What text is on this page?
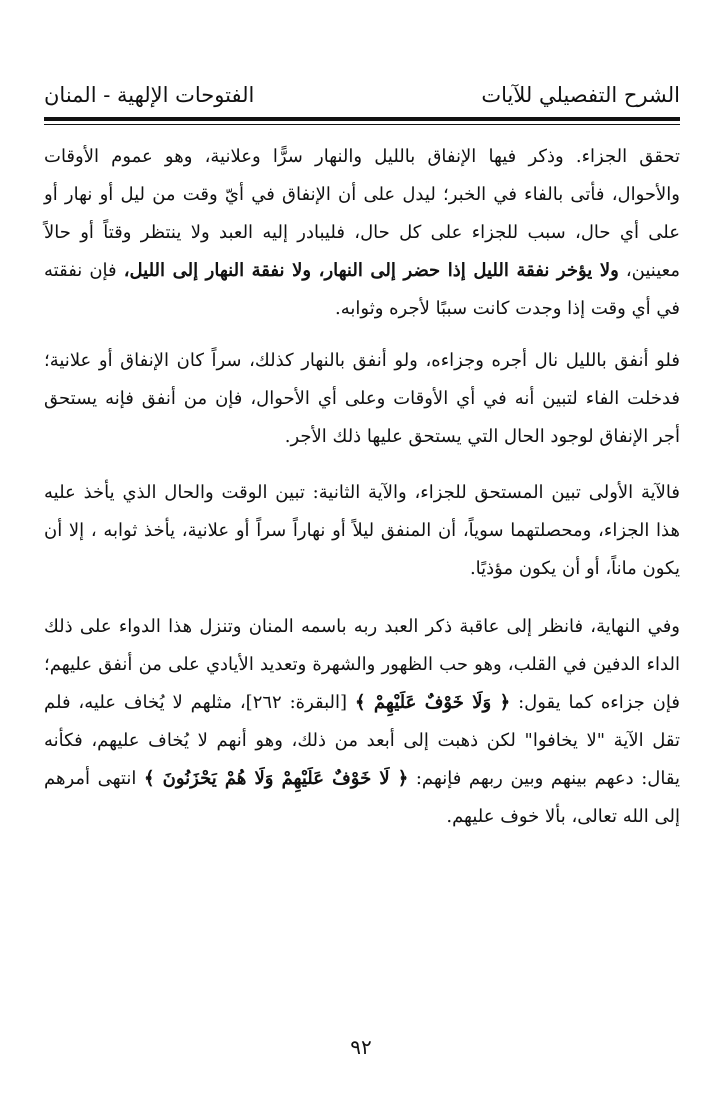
الشرح التفصيلي للآيات
الفتوحات الإلهية - المنان

تحقق الجزاء. وذكر فيها الإنفاق بالليل والنهار سرًّا وعلانية، وهو عموم الأوقات والأحوال، فأتى بالفاء في الخبر؛ ليدل على أن الإنفاق في أيّ وقت من ليل أو نهار أو على أي حال، سبب للجزاء على كل حال، فليبادر إليه العبد ولا ينتظر وقتاً أو حالاً معينين، ولا يؤخر نفقة الليل إذا حضر إلى النهار، ولا نفقة النهار إلى الليل، فإن نفقته في أي وقت إذا وجدت كانت سببًا لأجره وثوابه.

فلو أنفق بالليل نال أجره وجزاءه، ولو أنفق بالنهار كذلك، سراً كان الإنفاق أو علانية؛ فدخلت الفاء لتبين أنه في أي الأوقات وعلى أي الأحوال، فإن من أنفق فإنه يستحق أجر الإنفاق لوجود الحال التي يستحق عليها ذلك الأجر.

فالآية الأولى تبين المستحق للجزاء، والآية الثانية: تبين الوقت والحال الذي يأخذ عليه هذا الجزاء، ومحصلتهما سوياً، أن المنفق ليلاً أو نهاراً سراً أو علانية، يأخذ ثوابه ، إلا أن يكون ماناً، أو أن يكون مؤذيًا.

وفي النهاية، فانظر إلى عاقبة ذكر العبد ربه باسمه المنان وتنزل هذا الدواء على ذلك الداء الدفين في القلب، وهو حب الظهور والشهرة وتعديد الأيادي على من أنفق عليهم؛ فإن جزاءه كما يقول: ﴿ وَلَا خَوْفٌ عَلَيْهِمْ ﴾ [البقرة: ٢٦٢]، مثلهم لا يُخاف عليه، فلم تقل الآية "لا يخافوا" لكن ذهبت إلى أبعد من ذلك، وهو أنهم لا يُخاف عليهم، فكأنه يقال: دعهم بينهم وبين ربهم فإنهم: ﴿ لَا خَوْفٌ عَلَيْهِمْ وَلَا هُمْ يَحْزَنُونَ ﴾ انتهى أمرهم إلى الله تعالى، بألا خوف عليهم.

٩٢
